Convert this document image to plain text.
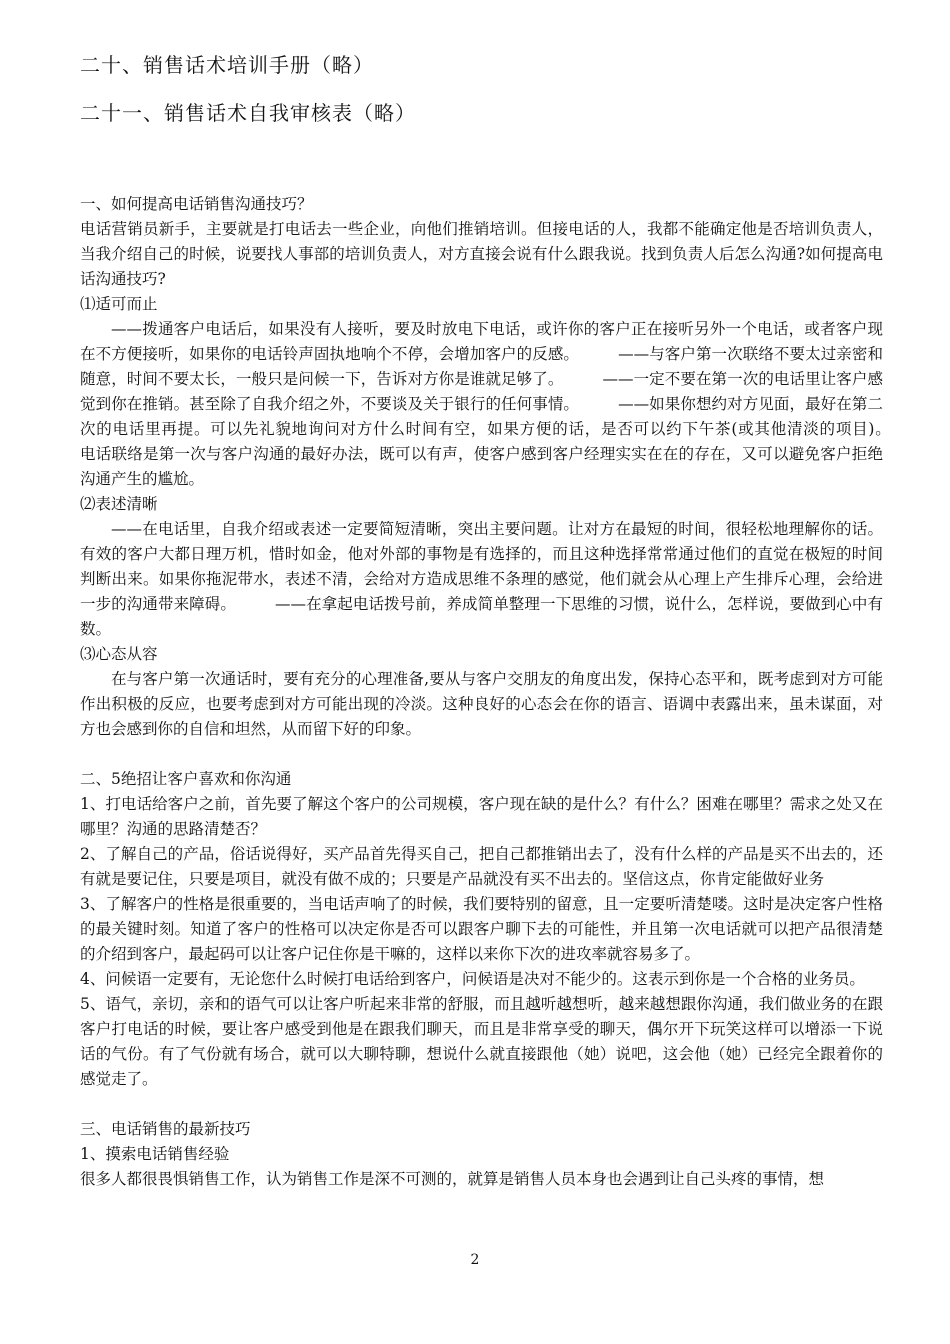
二十、销售话术培训手册（略）

二十一、销售话术自我审核表（略）

一、如何提高电话销售沟通技巧？

电话营销员新手，主要就是打电话去一些企业，向他们推销培训。但接电话的人，我都不能确定他是否培训负责人，当我介绍自己的时候，说要找人事部的培训负责人，对方直接会说有什么跟我说。找到负责人后怎么沟通?如何提高电话沟通技巧?

⑴适可而止

——拨通客户电话后，如果没有人接听，要及时放电下电话，或许你的客户正在接听另外一个电话，或者客户现在不方便接听，如果你的电话铃声固执地响个不停，会增加客户的反感。　　　——与客户第一次联络不要太过亲密和随意，时间不要太长，一般只是问候一下，告诉对方你是谁就足够了。　　　——一定不要在第一次的电话里让客户感觉到你在推销。甚至除了自我介绍之外，不要谈及关于银行的任何事情。　　　——如果你想约对方见面，最好在第二次的电话里再提。可以先礼貌地询问对方什么时间有空，如果方便的话，是否可以约下午茶(或其他清淡的项目)。　　　电话联络是第一次与客户沟通的最好办法，既可以有声，使客户感到客户经理实实在在的存在，又可以避免客户拒绝沟通产生的尴尬。

⑵表述清晰

——在电话里，自我介绍或表述一定要简短清晰，突出主要问题。让对方在最短的时间，很轻松地理解你的话。有效的客户大都日理万机，惜时如金，他对外部的事物是有选择的，而且这种选择常常通过他们的直觉在极短的时间判断出来。如果你拖泥带水，表述不清，会给对方造成思维不条理的感觉，他们就会从心理上产生排斥心理，会给进一步的沟通带来障碍。　　　——在拿起电话拨号前，养成简单整理一下思维的习惯，说什么，怎样说，要做到心中有数。

⑶心态从容

在与客户第一次通话时，要有充分的心理准备,要从与客户交朋友的角度出发，保持心态平和，既考虑到对方可能作出积极的反应，也要考虑到对方可能出现的冷淡。这种良好的心态会在你的语言、语调中表露出来，虽未谋面，对方也会感到你的自信和坦然，从而留下好的印象。

二、5绝招让客户喜欢和你沟通

1、打电话给客户之前，首先要了解这个客户的公司规模，客户现在缺的是什么？有什么？困难在哪里？需求之处又在哪里？沟通的思路清楚否？

2、了解自己的产品，俗话说得好，买产品首先得买自己，把自己都推销出去了，没有什么样的产品是买不出去的，还有就是要记住，只要是项目，就没有做不成的；只要是产品就没有买不出去的。坚信这点，你肯定能做好业务

3、了解客户的性格是很重要的，当电话声响了的时候，我们要特别的留意，且一定要听清楚喽。这时是决定客户性格的最关键时刻。知道了客户的性格可以决定你是否可以跟客户聊下去的可能性，并且第一次电话就可以把产品很清楚的介绍到客户，最起码可以让客户记住你是干嘛的，这样以来你下次的进攻率就容易多了。

4、问候语一定要有，无论您什么时候打电话给到客户，问候语是决对不能少的。这表示到你是一个合格的业务员。

5、语气，亲切，亲和的语气可以让客户听起来非常的舒服，而且越听越想听，越来越想跟你沟通，我们做业务的在跟客户打电话的时候，要让客户感受到他是在跟我们聊天，而且是非常享受的聊天，偶尔开下玩笑这样可以增添一下说话的气份。有了气份就有场合，就可以大聊特聊，想说什么就直接跟他（她）说吧，这会他（她）已经完全跟着你的感觉走了。

三、电话销售的最新技巧

1、摸索电话销售经验

很多人都很畏惧销售工作，认为销售工作是深不可测的，就算是销售人员本身也会遇到让自己头疼的事情，想

2
